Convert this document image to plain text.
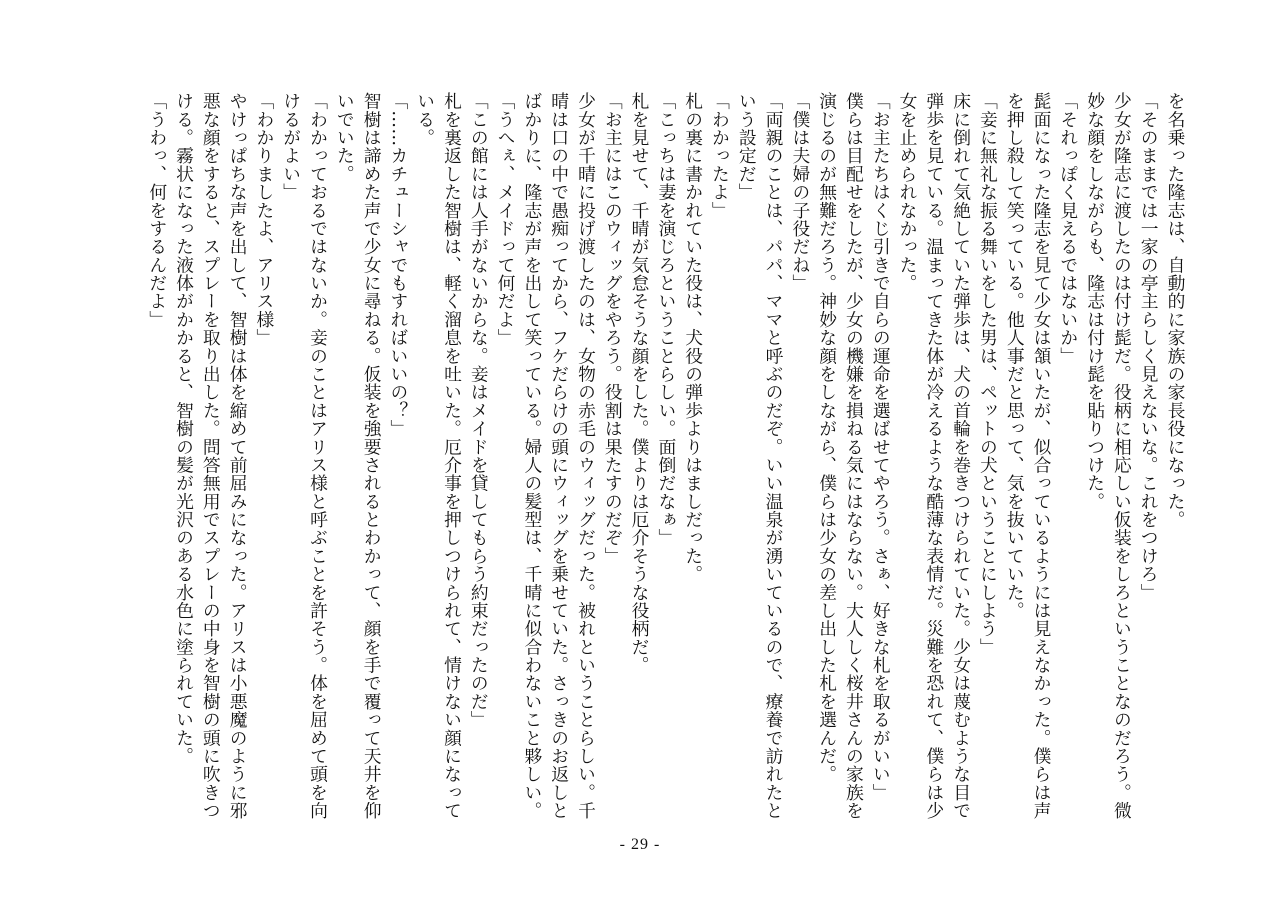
を名乗った隆志は、自動的に家族の家長役になった。

「そのままでは一家の亭主らしく見えないな。これをつけろ」

少女が隆志に渡したのは付け髭だ。役柄に相応しい仮装をしろということなのだろう。微妙な顔をしながらも、隆志は付け髭を貼りつけた。

「それっぽく見えるではないか」

髭面になった隆志を見て少女は頷いたが、似合っているようには見えなかった。僕らは声を押し殺して笑っている。他人事だと思って、気を抜いていた。

「妾に無礼な振る舞いをした男は、ペットの犬ということにしよう」

床に倒れて気絶していた弾歩は、犬の首輪を巻きつけられていた。少女は蔑むような目で弾歩を見ている。温まってきた体が冷えるような酷薄な表情だ。災難を恐れて、僕らは少女を止められなかった。

「お主たちはくじ引きで自らの運命を選ばせてやろう。さぁ、好きな札を取るがいい」

僕らは目配せをしたが、少女の機嫌を損ねる気にはならない。大人しく桜井さんの家族を演じるのが無難だろう。神妙な顔をしながら、僕らは少女の差し出した札を選んだ。

「僕は夫婦の子役だね」

「両親のことは、パパ、ママと呼ぶのだぞ。いい温泉が湧いているので、療養で訪れたという設定だ」

「わかったよ」

札の裏に書かれていた役は、犬役の弾歩よりはましだった。

「こっちは妻を演じろということらしい。面倒だなぁ」

札を見せて、千晴が気怠そうな顔をした。僕よりは厄介そうな役柄だ。

「お主にはこのウィッグをやろう。役割は果たすのだぞ」

少女が千晴に投げ渡したのは、女物の赤毛のウィッグだった。被れということらしい。千晴は口の中で愚痴ってから、フケだらけの頭にウィッグを乗せていた。さっきのお返しとばかりに、隆志が声を出して笑っている。婦人の髪型は、千晴に似合わないこと夥しい。

「うへぇ、メイドって何だよ」

「この館には人手がないからな。妾はメイドを貸してもらう約束だったのだ」

札を裏返した智樹は、軽く溜息を吐いた。厄介事を押しつけられて、情けない顔になっている。

「……カチューシャでもすればいいの？」

智樹は諦めた声で少女に尋ねる。仮装を強要されるとわかって、顔を手で覆って天井を仰いでいた。

「わかっておるではないか。妾のことはアリス様と呼ぶことを許そう。体を屈めて頭を向けるがよい」

「わかりましたよ、アリス様」

やけっぱちな声を出して、智樹は体を縮めて前屈みになった。アリスは小悪魔のように邪悪な顔をすると、スプレーを取り出した。問答無用でスプレーの中身を智樹の頭に吹きつける。霧状になった液体がかかると、智樹の髪が光沢のある水色に塗られていた。

「うわっ、何をするんだよ」

- 29 -
